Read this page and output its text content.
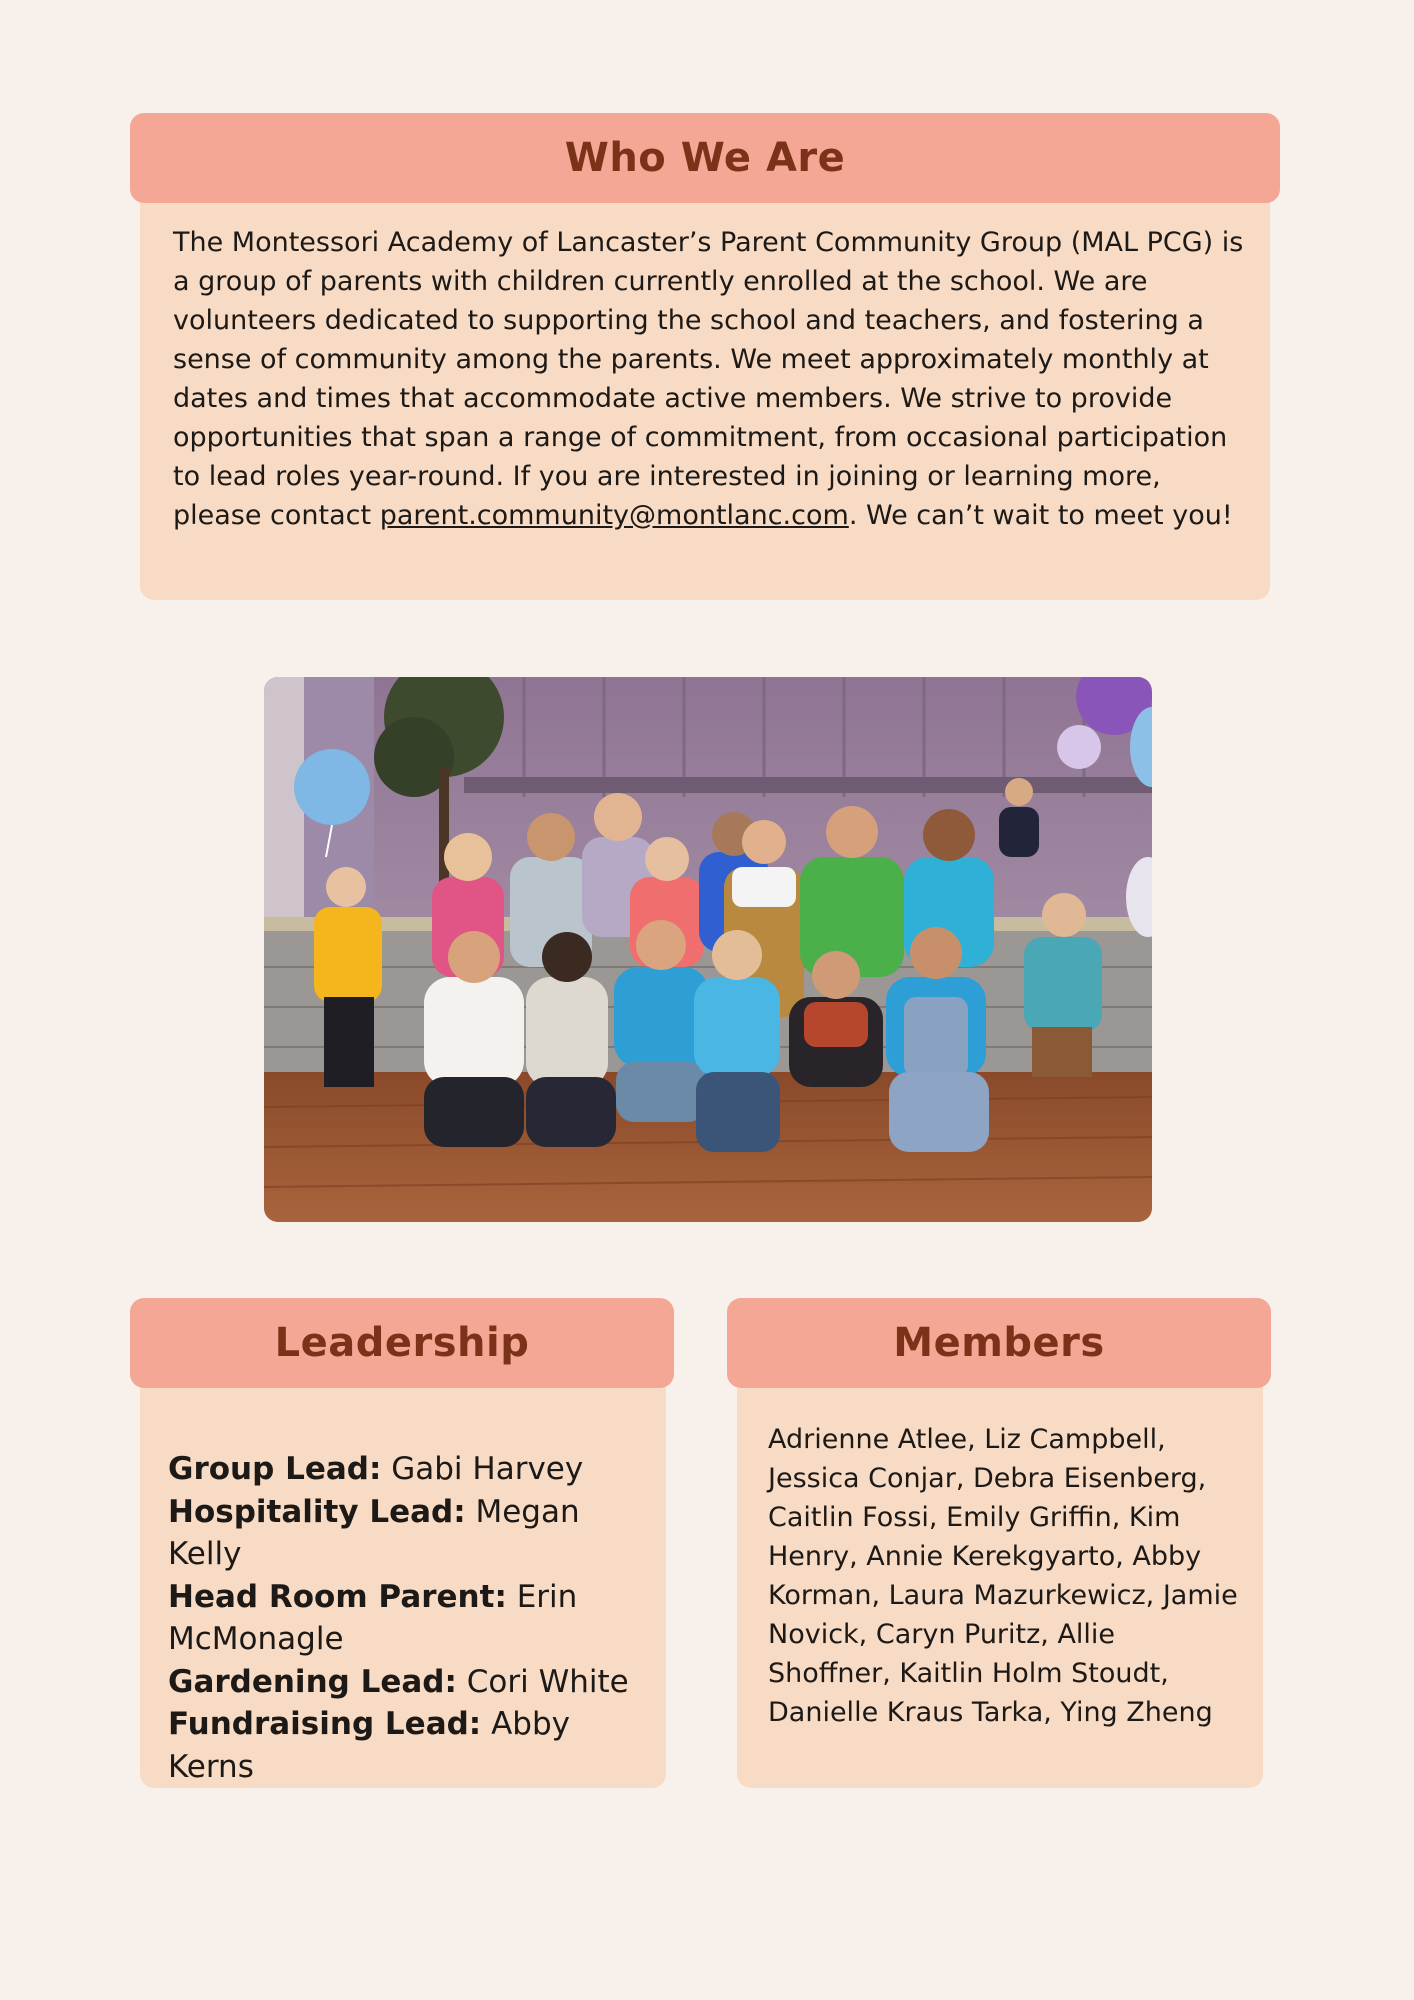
Who We Are

The Montessori Academy of Lancaster’s Parent Community Group (MAL PCG) is a group of parents with children currently enrolled at the school. We are volunteers dedicated to supporting the school and teachers, and fostering a sense of community among the parents. We meet approximately monthly at dates and times that accommodate active members. We strive to provide opportunities that span a range of commitment, from occasional participation to lead roles year-round. If you are interested in joining or learning more, please contact parent.community@montlanc.com. We can’t wait to meet you!

Leadership
Group Lead: Gabi Harvey
Hospitality Lead: Megan Kelly
Head Room Parent: Erin McMonagle
Gardening Lead: Cori White
Fundraising Lead: Abby Kerns
Members

Adrienne Atlee, Liz Campbell, Jessica Conjar, Debra Eisenberg, Caitlin Fossi, Emily Griffin, Kim Henry, Annie Kerekgyarto, Abby Korman, Laura Mazurkewicz, Jamie Novick, Caryn Puritz, Allie Shoffner, Kaitlin Holm Stoudt, Danielle Kraus Tarka, Ying Zheng
